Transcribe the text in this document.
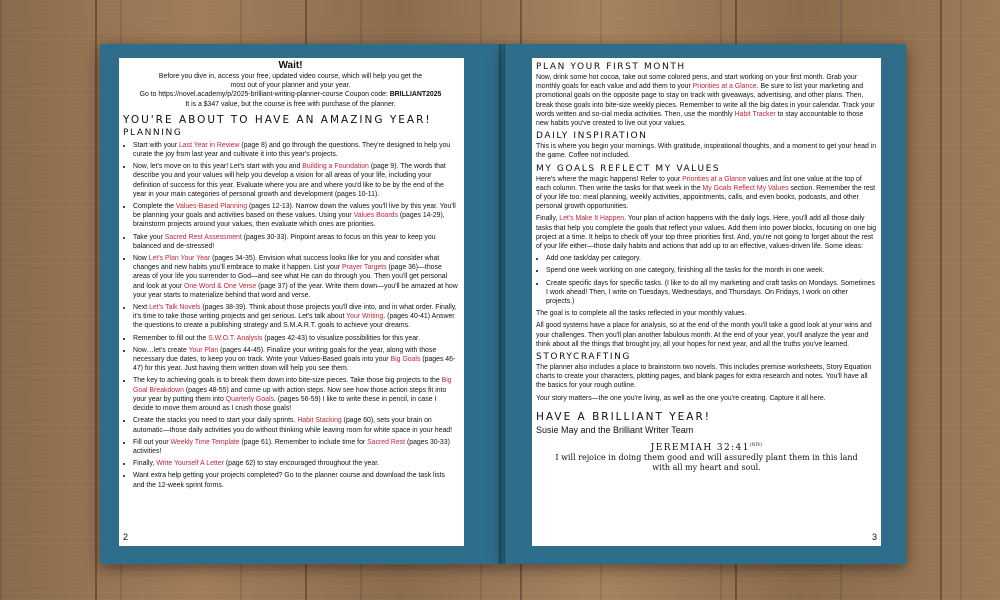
Wait!
Before you dive in, access your free, updated video course, which will help you get the
most out of your planner and your year.
Go to https://novel.academy/p/2025-brilliant-writing-planner-course Coupon code: BRILLIANT2025
It is a $347 value, but the course is free with purchase of the planner.
YOU'RE ABOUT TO HAVE AN AMAZING YEAR!
PLANNING
• Start with your Last Year in Review (page 8) and go through the questions. They're designed to help you curate the joy from last year and cultivate it into this year's projects.
• Now, let's move on to this year! Let's start with you and Building a Foundation (page 9). The words that describe you and your values will help you develop a vision for all areas of your life, including your definition of success for this year. Evaluate where you are and where you'd like to be by the end of the year in your main categories of personal growth and development (pages 10-11).
• Complete the Values-Based Planning (pages 12-13). Narrow down the values you'll live by this year. You'll be planning your goals and activities based on these values. Using your Values Boards (pages 14-29), brainstorm projects around your values, then evaluate which ones are priorities.
• Take your Sacred Rest Assessment (pages 30-33). Pinpoint areas to focus on this year to keep you balanced and de-stressed!
• Now Let's Plan Your Year (pages 34-35). Envision what success looks like for you and consider what changes and new habits you'll embrace to make it happen. List your Prayer Targets (page 36)—those areas of your life you surrender to God—and see what He can do through you. Then you'll get personal and look at your One Word & One Verse (page 37) of the year. Write them down—you'll be amazed at how your year starts to materialize behind that word and verse.
• Next Let's Talk Novels (pages 38-39). Think about those projects you'll dive into, and in what order. Finally, it's time to take those writing projects and get serious. Let's talk about Your Writing. (pages 40-41) Answer the questions to create a publishing strategy and S.M.A.R.T. goals to achieve your dreams.
• Remember to fill out the S.W.O.T. Analysis (pages 42-43) to visualize possibilities for this year.
• Now…let's create Your Plan (pages 44-45). Finalize your writing goals for the year, along with those necessary due dates, to keep you on track. Write your Values-Based goals into your Big Goals (pages 46-47) for this year. Just having them written down will help you see them.
• The key to achieving goals is to break them down into bite-size pieces. Take those big projects to the Big Goal Breakdown (pages 48-55) and come up with action steps. Now see how those action steps fit into your year by putting them into Quarterly Goals. (pages 56-59) I like to write these in pencil, in case I decide to move them around as I crush those goals!
• Create the stacks you need to start your daily sprints. Habit Stacking (page 60), sets your brain on automatic—those daily activities you do without thinking while leaving room for white space in your head!
• Fill out your Weekly Time Template (page 61). Remember to include time for Sacred Rest (pages 30-33) activities!
• Finally, Write Yourself A Letter (page 62) to stay encouraged throughout the year.
• Want extra help getting your projects completed? Go to the planner course and download the task lists and the 12-week sprint forms.
2
PLAN YOUR FIRST MONTH

Now, drink some hot cocoa, take out some colored pens, and start working on your first month. Grab your monthly goals for each value and add them to your Priorities at a Glance. Be sure to list your marketing and promotional goals on the opposite page to stay on track with giveaways, advertising, and other plans. Then, break those goals into bite-size weekly pieces. Remember to write all the big dates in your calendar. Track your words written and so-cial media activities. Then, use the monthly Habit Tracker to stay accountable to those new habits you've created to live out your values.

DAILY INSPIRATION

This is where you begin your mornings. With gratitude, inspirational thoughts, and a moment to get your head in the game. Coffee not included.

MY GOALS REFLECT MY VALUES

Here's where the magic happens! Refer to your Priorities at a Glance values and list one value at the top of each column. Then write the tasks for that week in the My Goals Reflect My Values section. Remember the rest of your life too: meal planning, weekly activities, appointments, calls, and even books, podcasts, and other personal growth opportunities.

Finally, Let's Make It Happen. Your plan of action happens with the daily logs. Here, you'll add all those daily tasks that help you complete the goals that reflect your values. Add them into power blocks, focusing on one big project at a time. It helps to check off your top three priorities first. And, you're not going to forget about the rest of your life either—those daily habits and actions that add up to an effective, values-driven life. Some ideas:

• Add one task/day per category.
• Spend one week working on one category, finishing all the tasks for the month in one week.
• Create specific days for specific tasks. (I like to do all my marketing and craft tasks on Mondays. Sometimes I work ahead! Then, I write on Tuesdays, Wednesdays, and Thursdays. On Fridays, I work on other projects.)

The goal is to complete all the tasks reflected in your monthly values.

All good systems have a place for analysis, so at the end of the month you'll take a good look at your wins and your challenges. Then you'll plan another fabulous month. At the end of your year, you'll analyze the year and think about all the things that brought joy, all your hopes for next year, and all the truths you've learned.

STORYCRAFTING

The planner also includes a place to brainstorm two novels. This includes premise worksheets, Story Equation charts to create your characters, plotting pages, and blank pages for extra research and notes. You'll have all the basics for your rough outline.

Your story matters—the one you're living, as well as the one you're creating. Capture it all here.

HAVE A BRILLIANT YEAR!
Susie May and the Brilliant Writer Team
JEREMIAH $32:41^{(NIV)}$
I will rejoice in doing them good and will assuredly plant them in this land
with all my heart and soul.
3
